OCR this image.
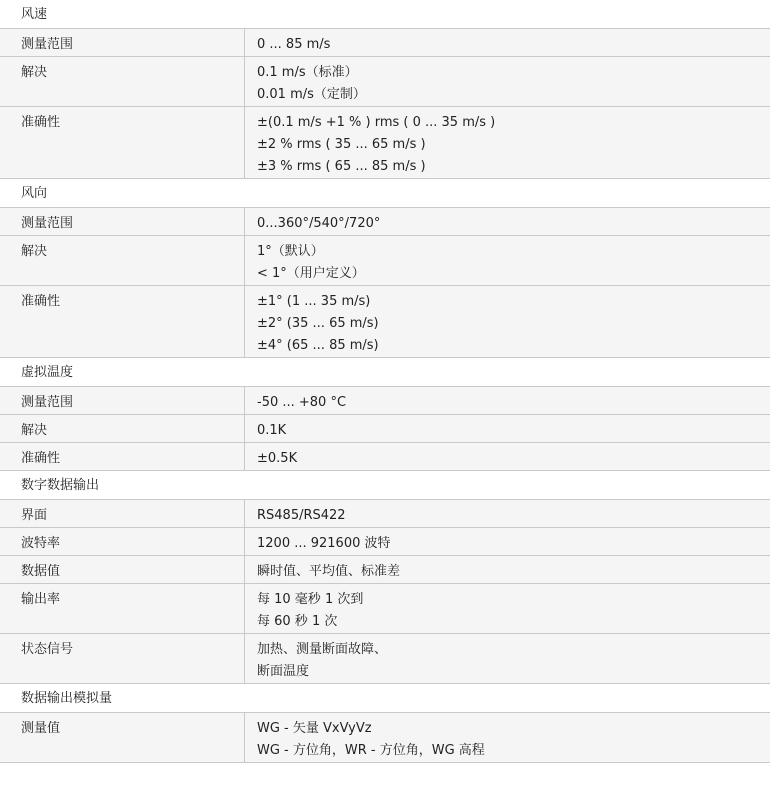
风速
测量范围	0 ... 85 m/s
解决	0.1 m/s（标准）
0.01 m/s（定制）
准确性	±(0.1 m/s +1 % ) rms ( 0 ... 35 m/s )
±2 % rms ( 35 ... 65 m/s )
±3 % rms ( 65 ... 85 m/s )
风向
测量范围	0...360°/540°/720°
解决	1°（默认）
< 1°（用户定义）
准确性	±1° (1 ... 35 m/s)
±2° (35 ... 65 m/s)
±4° (65 ... 85 m/s)
虚拟温度
测量范围	-50 ... +80 °C
解决	0.1K
准确性	±0.5K
数字数据输出
界面	RS485/RS422
波特率	1200 ... 921600 波特
数据值	瞬时值、平均值、标准差
输出率	每 10 毫秒 1 次到
每 60 秒 1 次
状态信号	加热、测量断面故障、
断面温度
数据输出模拟量
测量值	WG - 矢量 VxVyVz
WG - 方位角，WR - 方位角，WG 高程
